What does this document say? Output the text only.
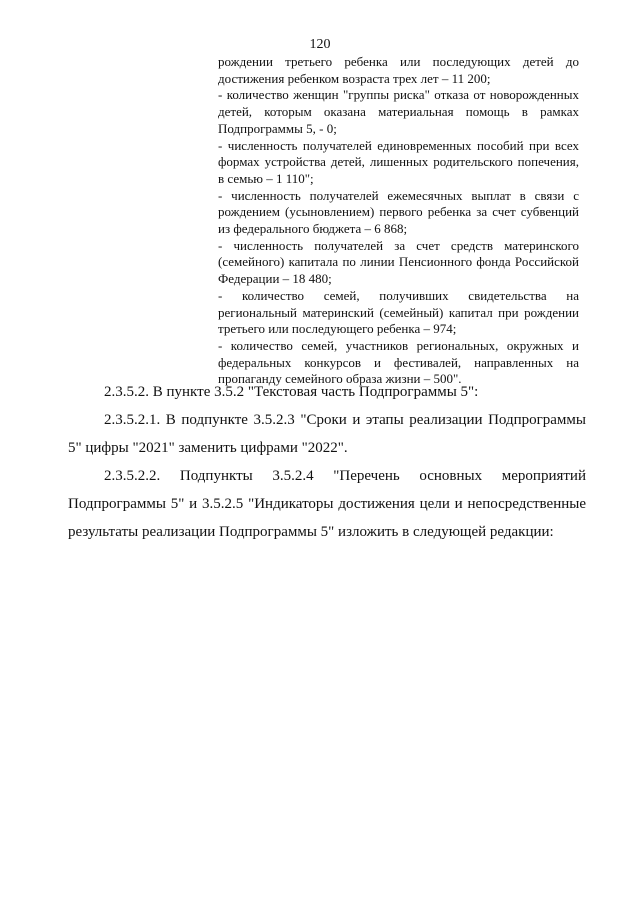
120

рождении третьего ребенка или последующих детей до достижения ребенком возраста трех лет – 11 200;

- количество женщин "группы риска" отказа от новорожденных детей, которым оказана материальная помощь в рамках Подпрограммы 5, - 0;

- численность получателей единовременных пособий при всех формах устройства детей, лишенных родительского попечения, в семью – 1 110";

- численность получателей ежемесячных выплат в связи с рождением (усыновлением) первого ребенка за счет субвенций из федерального бюджета – 6 868;

- численность получателей за счет средств материнского (семейного) капитала по линии Пенсионного фонда Российской Федерации – 18 480;

- количество семей, получивших свидетельства на региональный материнский (семейный) капитал при рождении третьего или последующего ребенка – 974;

- количество семей, участников региональных, окружных и федеральных конкурсов и фестивалей, направленных на пропаганду семейного образа жизни – 500".

2.3.5.2. В пункте 3.5.2 "Текстовая часть Подпрограммы 5":

2.3.5.2.1. В подпункте 3.5.2.3 "Сроки и этапы реализации Подпрограммы 5" цифры "2021" заменить цифрами "2022".

2.3.5.2.2. Подпункты 3.5.2.4 "Перечень основных мероприятий Подпрограммы 5" и 3.5.2.5 "Индикаторы достижения цели и непосредственные результаты реализации Подпрограммы 5" изложить в следующей редакции:
